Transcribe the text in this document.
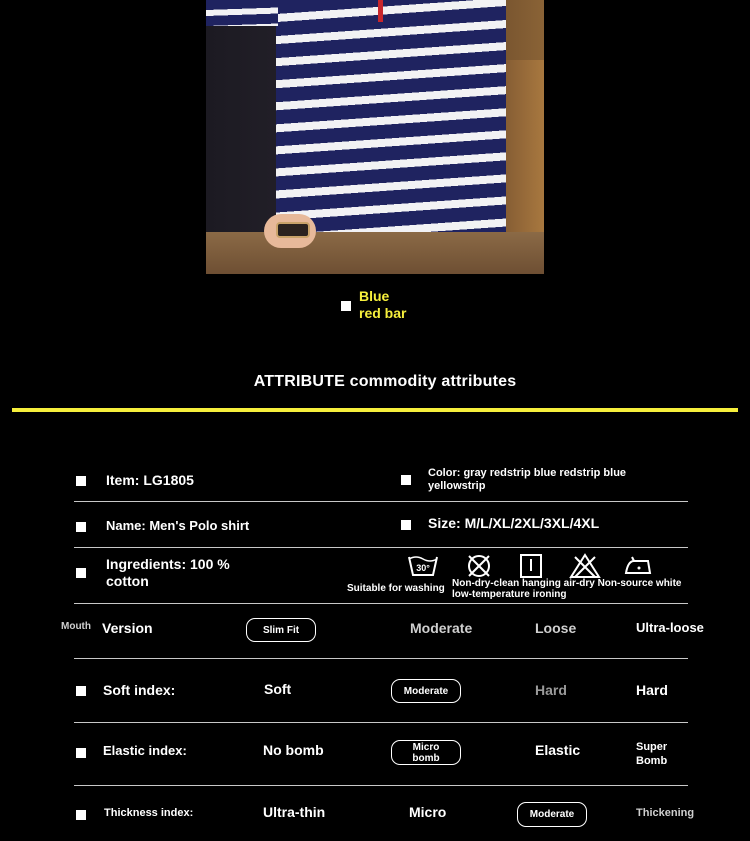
Blue
red bar
ATTRIBUTE commodity attributes
Item: LG1805	Color: gray redstrip blue redstrip blue yellowstrip
Name: Men's Polo shirt	Size: M/L/XL/2XL/3XL/4XL
Ingredients: 100 % cotton
30°
Suitable for washing Non-dry-clean hanging air-dry Non-source white low-temperature ironing
Mouth Version	Slim Fit	Moderate	Loose	Ultra-loose
Soft index:	Soft	Moderate	Hard	Hard
Elastic index:	No bomb	Micro bomb	Elastic	Super Bomb
Thickness index:	Ultra-thin	Micro	Moderate	Thickening
